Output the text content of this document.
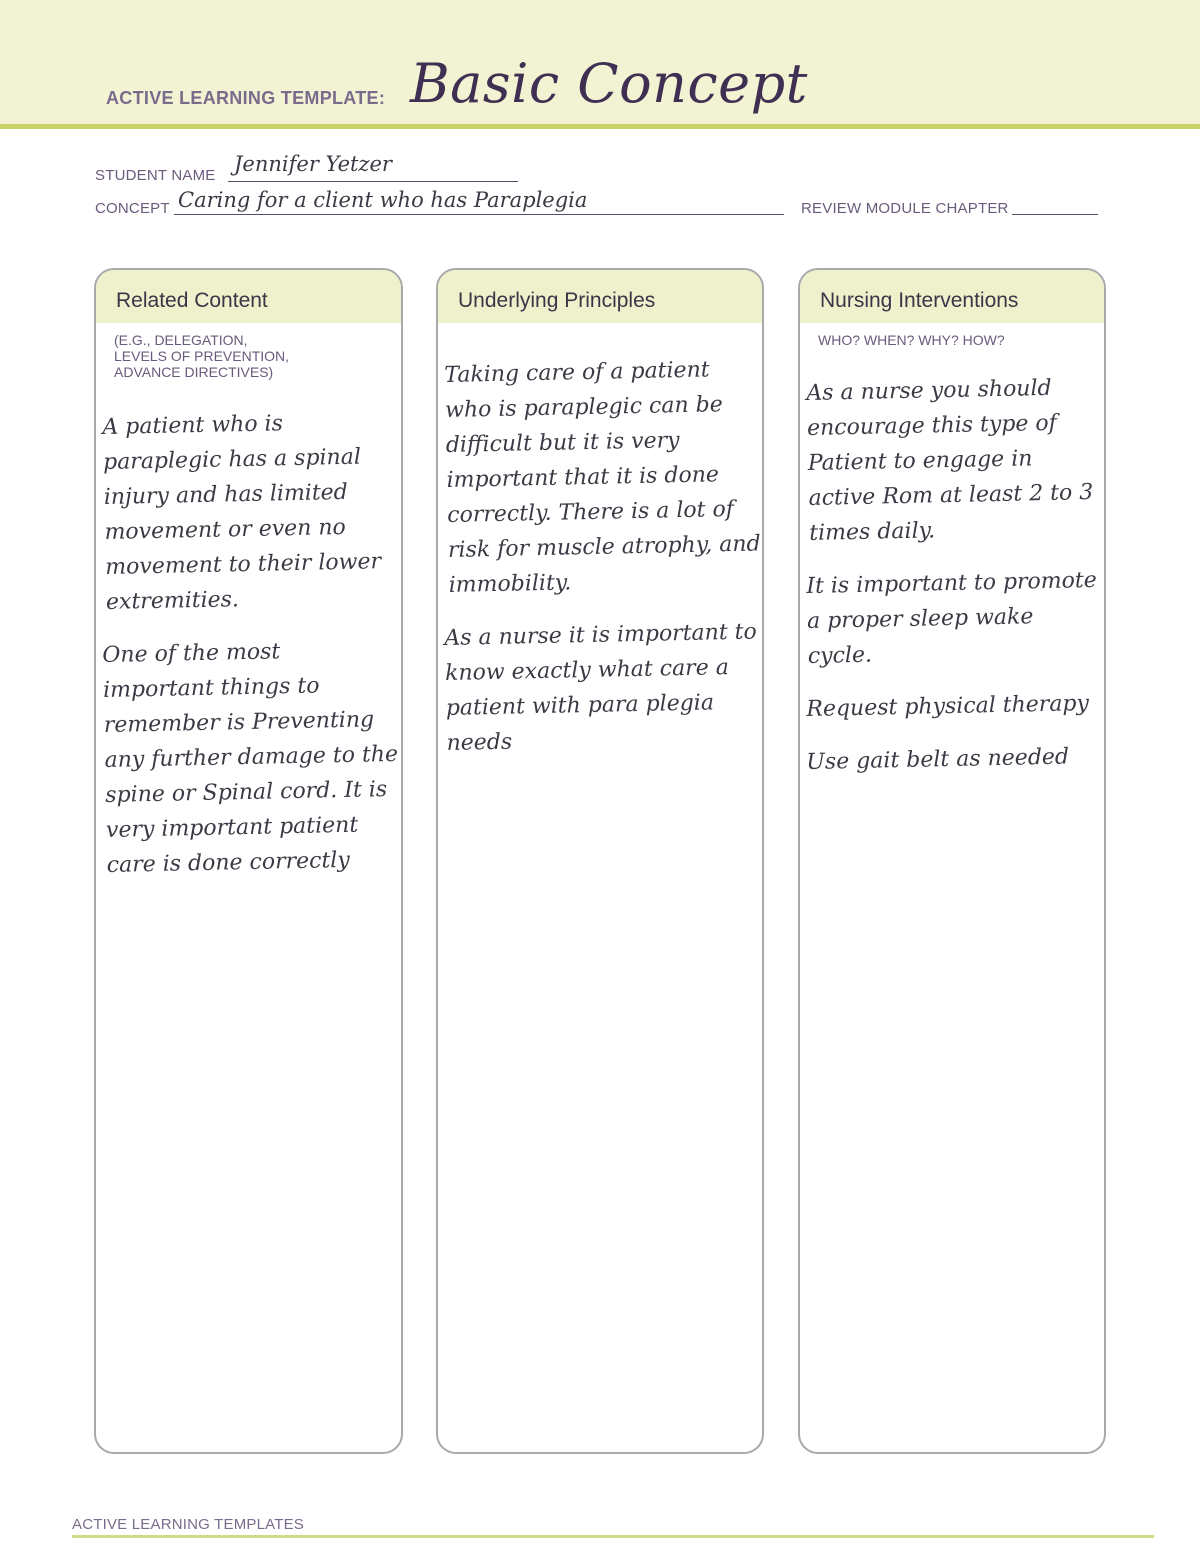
ACTIVE LEARNING TEMPLATE: Basic Concept
STUDENT NAME Jennifer Yetzer
CONCEPT Caring for a client who has Paraplegia	REVIEW MODULE CHAPTER
Related Content
(E.G., DELEGATION,
LEVELS OF PREVENTION,
ADVANCE DIRECTIVES)

A patient who is paraplegic has a spinal injury and has limited movement or even no movement to their lower extremities.

One of the most important things to remember is Preventing any further damage to the spine or Spinal cord. It is very important patient care is done correctly

Underlying Principles

Taking care of a patient who is paraplegic can be difficult but it is very important that it is done correctly. There is a lot of risk for muscle atrophy, and immobility.

As a nurse it is important to know exactly what care a patient with para plegia needs

Nursing Interventions
WHO? WHEN? WHY? HOW?

As a nurse you should encourage this type of Patient to engage in active Rom at least 2 to 3 times daily.

It is important to promote a proper sleep wake cycle.

Request physical therapy

Use gait belt as needed

ACTIVE LEARNING TEMPLATES
